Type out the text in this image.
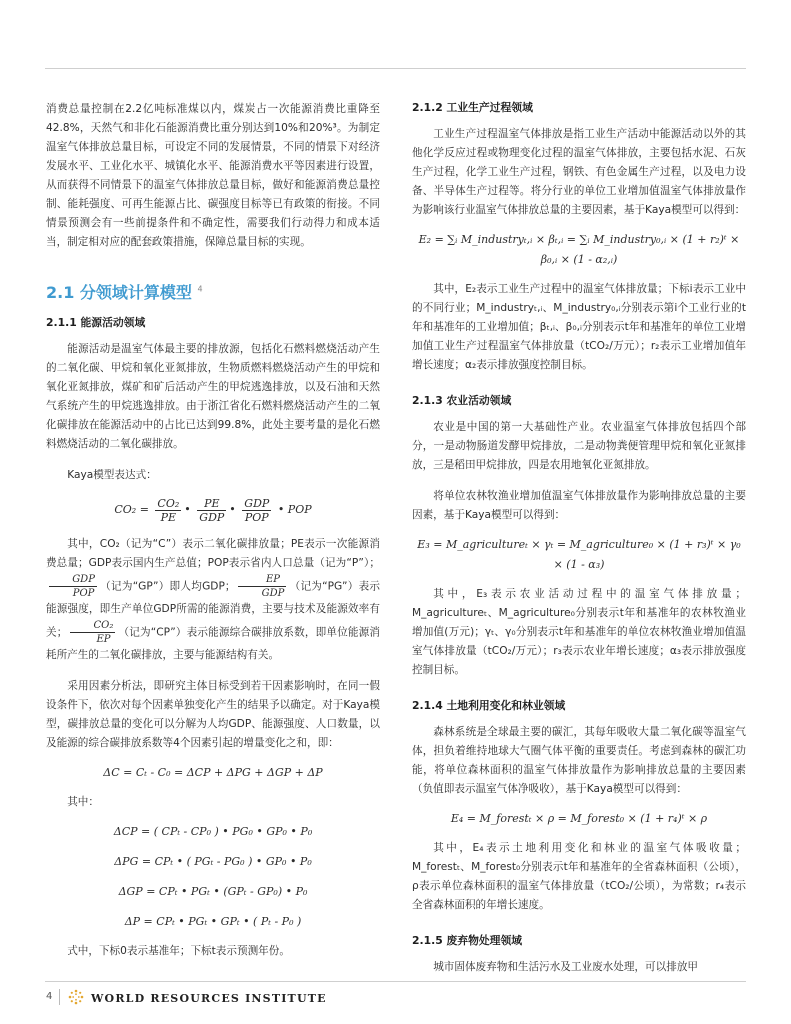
消费总量控制在2.2亿吨标准煤以内，煤炭占一次能源消费比重降至42.8%，天然气和非化石能源消费比重分别达到10%和20%³。为制定温室气体排放总量目标，可设定不同的发展情景，不同的情景下对经济发展水平、工业化水平、城镇化水平、能源消费水平等因素进行设置，从而获得不同情景下的温室气体排放总量目标，做好和能源消费总量控制、能耗强度、可再生能源占比、碳强度目标等已有政策的衔接。不同情景预测会有一些前提条件和不确定性，需要我们行动得力和成本适当，制定相对应的配套政策措施，保障总量目标的实现。

2.1 分领域计算模型 $^4$
2.1.1 能源活动领域

能源活动是温室气体最主要的排放源，包括化石燃料燃烧活动产生的二氧化碳、甲烷和氧化亚氮排放，生物质燃料燃烧活动产生的甲烷和氧化亚氮排放，煤矿和矿后活动产生的甲烷逃逸排放，以及石油和天然气系统产生的甲烷逃逸排放。由于浙江省化石燃料燃烧活动产生的二氧化碳排放在能源活动中的占比已达到99.8%，此处主要考量的是化石燃料燃烧活动的二氧化碳排放。

Kaya模型表达式：

$CO_2 = \frac{\text{CO₂}}{PE}$ • $\frac{PE}{\text{GDP}}$ • $\frac{\text{GDP}}{\text{POP}}$ • POP

其中，CO₂（记为“C”）表示二氧化碳排放量；PE表示一次能源消费总量；GDP表示国内生产总值；POP表示省内人口总量（记为“P”）；
$\frac{\text{GDP}}{\text{POP}}$ （记为“GP”）即人均GDP； $\frac{EP}{\text{GDP}}$ （记为“PG”）表示能源强度，即生产单位GDP所需的能源消费，主要与技术及能源效率有关； $\frac{\text{CO₂}}{EP}$ （记为“CP”）表示能源综合碳排放系数，即单位能源消耗所产生的二氧化碳排放，主要与能源结构有关。

采用因素分析法，即研究主体目标受到若干因素影响时，在同一假设条件下，依次对每个因素单独变化产生的结果予以确定。对于Kaya模型，碳排放总量的变化可以分解为人均GDP、能源强度、人口数量，以及能源的综合碳排放系数等4个因素引起的增量变化之和，即：

ΔC = Cₜ - C₀ = ΔCP + ΔPG + ΔGP + ΔP

其中：

ΔCP = ( CPₜ - CP₀ ) • PG₀ • GP₀ • P₀
ΔPG = CPₜ • ( PGₜ - PG₀ ) • GP₀ • P₀
ΔGP = CPₜ • PGₜ • (GPₜ - GP₀) • P₀
ΔP = CPₜ • PGₜ • GPₜ • ( Pₜ - P₀ )

式中，下标0表示基准年；下标t表示预测年份。

2.1.2 工业生产过程领域

工业生产过程温室气体排放是指工业生产活动中能源活动以外的其他化学反应过程或物理变化过程的温室气体排放，主要包括水泥、石灰生产过程，化学工业生产过程，钢铁、有色金属生产过程，以及电力设备、半导体生产过程等。将分行业的单位工业增加值温室气体排放量作为影响该行业温室气体排放总量的主要因素，基于Kaya模型可以得到：

E₂ = ∑ᵢ M_industryₜ,ᵢ × βₜ,ᵢ = ∑ᵢ M_industry₀,ᵢ × (1 + r₂)ᵗ × β₀,ᵢ × (1 - α₂,ᵢ)

其中，E₂表示工业生产过程中的温室气体排放量；下标i表示工业中的不同行业；M_industryₜ,ᵢ、M_industry₀,ᵢ分别表示第i个工业行业的t年和基准年的工业增加值；βₜ,ᵢ、β₀,ᵢ分别表示t年和基准年的单位工业增加值工业生产过程温室气体排放量（tCO₂/万元）；r₂表示工业增加值年增长速度；α₂表示排放强度控制目标。

2.1.3 农业活动领域

农业是中国的第一大基础性产业。农业温室气体排放包括四个部分，一是动物肠道发酵甲烷排放，二是动物粪便管理甲烷和氧化亚氮排放，三是稻田甲烷排放，四是农用地氧化亚氮排放。

将单位农林牧渔业增加值温室气体排放量作为影响排放总量的主要因素，基于Kaya模型可以得到：

E₃ = M_agricultureₜ × γₜ = M_agriculture₀ × (1 + r₃)ᵗ × γ₀ × (1 - α₃)

其中，E₃表示农业活动过程中的温室气体排放量；M_agricultureₜ、M_agriculture₀分别表示t年和基准年的农林牧渔业增加值(万元)；γₜ、γ₀分别表示t年和基准年的单位农林牧渔业增加值温室气体排放量（tCO₂/万元）；r₃表示农业年增长速度；α₃表示排放强度控制目标。

2.1.4 土地利用变化和林业领域

森林系统是全球最主要的碳汇，其每年吸收大量二氧化碳等温室气体，担负着维持地球大气圈气体平衡的重要责任。考虑到森林的碳汇功能，将单位森林面积的温室气体排放量作为影响排放总量的主要因素（负值即表示温室气体净吸收），基于Kaya模型可以得到：

E₄ = M_forestₜ × ρ = M_forest₀ × (1 + r₄)ᵗ × ρ

其中，E₄表示土地利用变化和林业的温室气体吸收量；M_forestₜ、M_forest₀分别表示t年和基准年的全省森林面积（公顷），ρ表示单位森林面积的温室气体排放量（tCO₂/公顷），为常数；r₄表示全省森林面积的年增长速度。

2.1.5 废弃物处理领域

城市固体废弃物和生活污水及工业废水处理，可以排放甲

4	WORLD RESOURCES INSTITUTE
